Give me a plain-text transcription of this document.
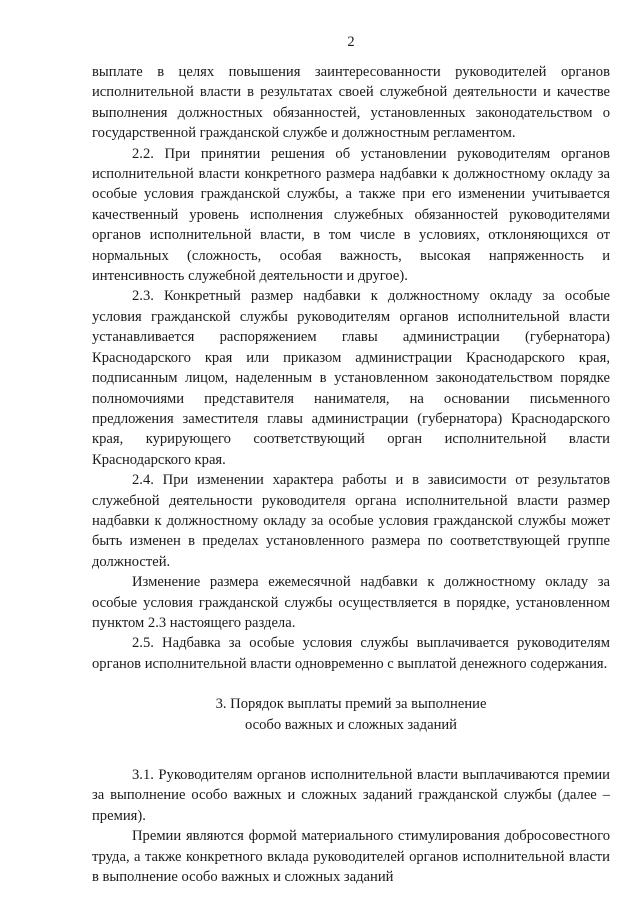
2

выплате в целях повышения заинтересованности руководителей органов исполнительной власти в результатах своей служебной деятельности и качестве выполнения должностных обязанностей, установленных законодательством о государственной гражданской службе и должностным регламентом.

2.2. При принятии решения об установлении руководителям органов исполнительной власти конкретного размера надбавки к должностному окладу за особые условия гражданской службы, а также при его изменении учитывается качественный уровень исполнения служебных обязанностей руководителями органов исполнительной власти, в том числе в условиях, отклоняющихся от нормальных (сложность, особая важность, высокая напряженность и интенсивность служебной деятельности и другое).

2.3. Конкретный размер надбавки к должностному окладу за особые условия гражданской службы руководителям органов исполнительной власти устанавливается распоряжением главы администрации (губернатора) Краснодарского края или приказом администрации Краснодарского края, подписанным лицом, наделенным в установленном законодательством порядке полномочиями представителя нанимателя, на основании письменного предложения заместителя главы администрации (губернатора) Краснодарского края, курирующего соответствующий орган исполнительной власти Краснодарского края.

2.4. При изменении характера работы и в зависимости от результатов служебной деятельности руководителя органа исполнительной власти размер надбавки к должностному окладу за особые условия гражданской службы может быть изменен в пределах установленного размера по соответствующей группе должностей.

Изменение размера ежемесячной надбавки к должностному окладу за особые условия гражданской службы осуществляется в порядке, установленном пунктом 2.3 настоящего раздела.

2.5. Надбавка за особые условия службы выплачивается руководителям органов исполнительной власти одновременно с выплатой денежного содержания.

3. Порядок выплаты премий за выполнение
особо важных и сложных заданий

3.1. Руководителям органов исполнительной власти выплачиваются премии за выполнение особо важных и сложных заданий гражданской службы (далее – премия).

Премии являются формой материального стимулирования добросовестного труда, а также конкретного вклада руководителей органов исполнительной власти в выполнение особо важных и сложных заданий
